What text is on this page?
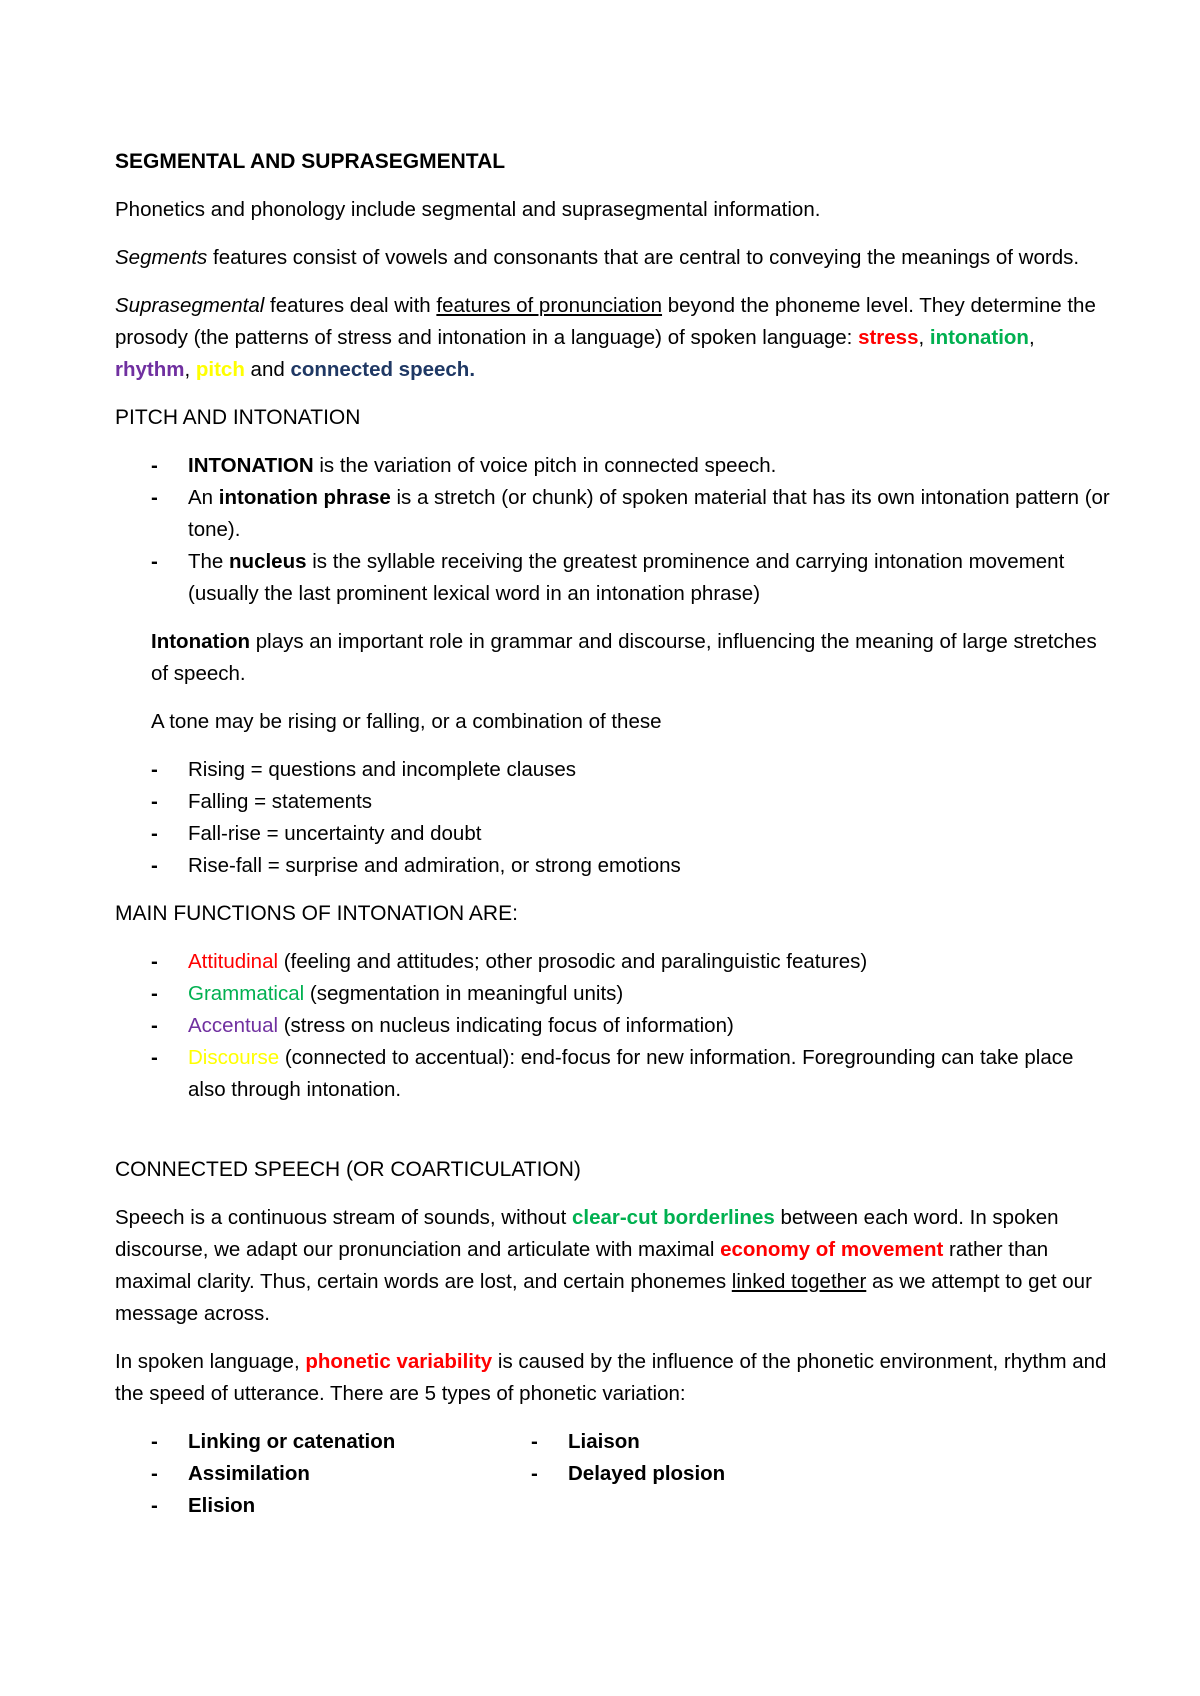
SEGMENTAL AND SUPRASEGMENTAL

Phonetics and phonology include segmental and suprasegmental information.

Segments features consist of vowels and consonants that are central to conveying the meanings of words.

Suprasegmental features deal with features of pronunciation beyond the phoneme level. They determine the prosody (the patterns of stress and intonation in a language) of spoken language: stress, intonation, rhythm, pitch and connected speech.

PITCH AND INTONATION

- INTONATION is the variation of voice pitch in connected speech.
- An intonation phrase is a stretch (or chunk) of spoken material that has its own intonation pattern (or tone).
- The nucleus is the syllable receiving the greatest prominence and carrying intonation movement (usually the last prominent lexical word in an intonation phrase)

Intonation plays an important role in grammar and discourse, influencing the meaning of large stretches of speech.

A tone may be rising or falling, or a combination of these

- Rising = questions and incomplete clauses
- Falling = statements
- Fall-rise = uncertainty and doubt
- Rise-fall = surprise and admiration, or strong emotions

MAIN FUNCTIONS OF INTONATION ARE:

- Attitudinal (feeling and attitudes; other prosodic and paralinguistic features)
- Grammatical (segmentation in meaningful units)
- Accentual (stress on nucleus indicating focus of information)
- Discourse (connected to accentual): end-focus for new information. Foregrounding can take place also through intonation.

CONNECTED SPEECH (OR COARTICULATION)

Speech is a continuous stream of sounds, without clear-cut borderlines between each word. In spoken discourse, we adapt our pronunciation and articulate with maximal economy of movement rather than maximal clarity. Thus, certain words are lost, and certain phonemes linked together as we attempt to get our message across.

In spoken language, phonetic variability is caused by the influence of the phonetic environment, rhythm and the speed of utterance. There are 5 types of phonetic variation:

- Linking or catenation
- Assimilation
- Elision
- Liaison
- Delayed plosion
